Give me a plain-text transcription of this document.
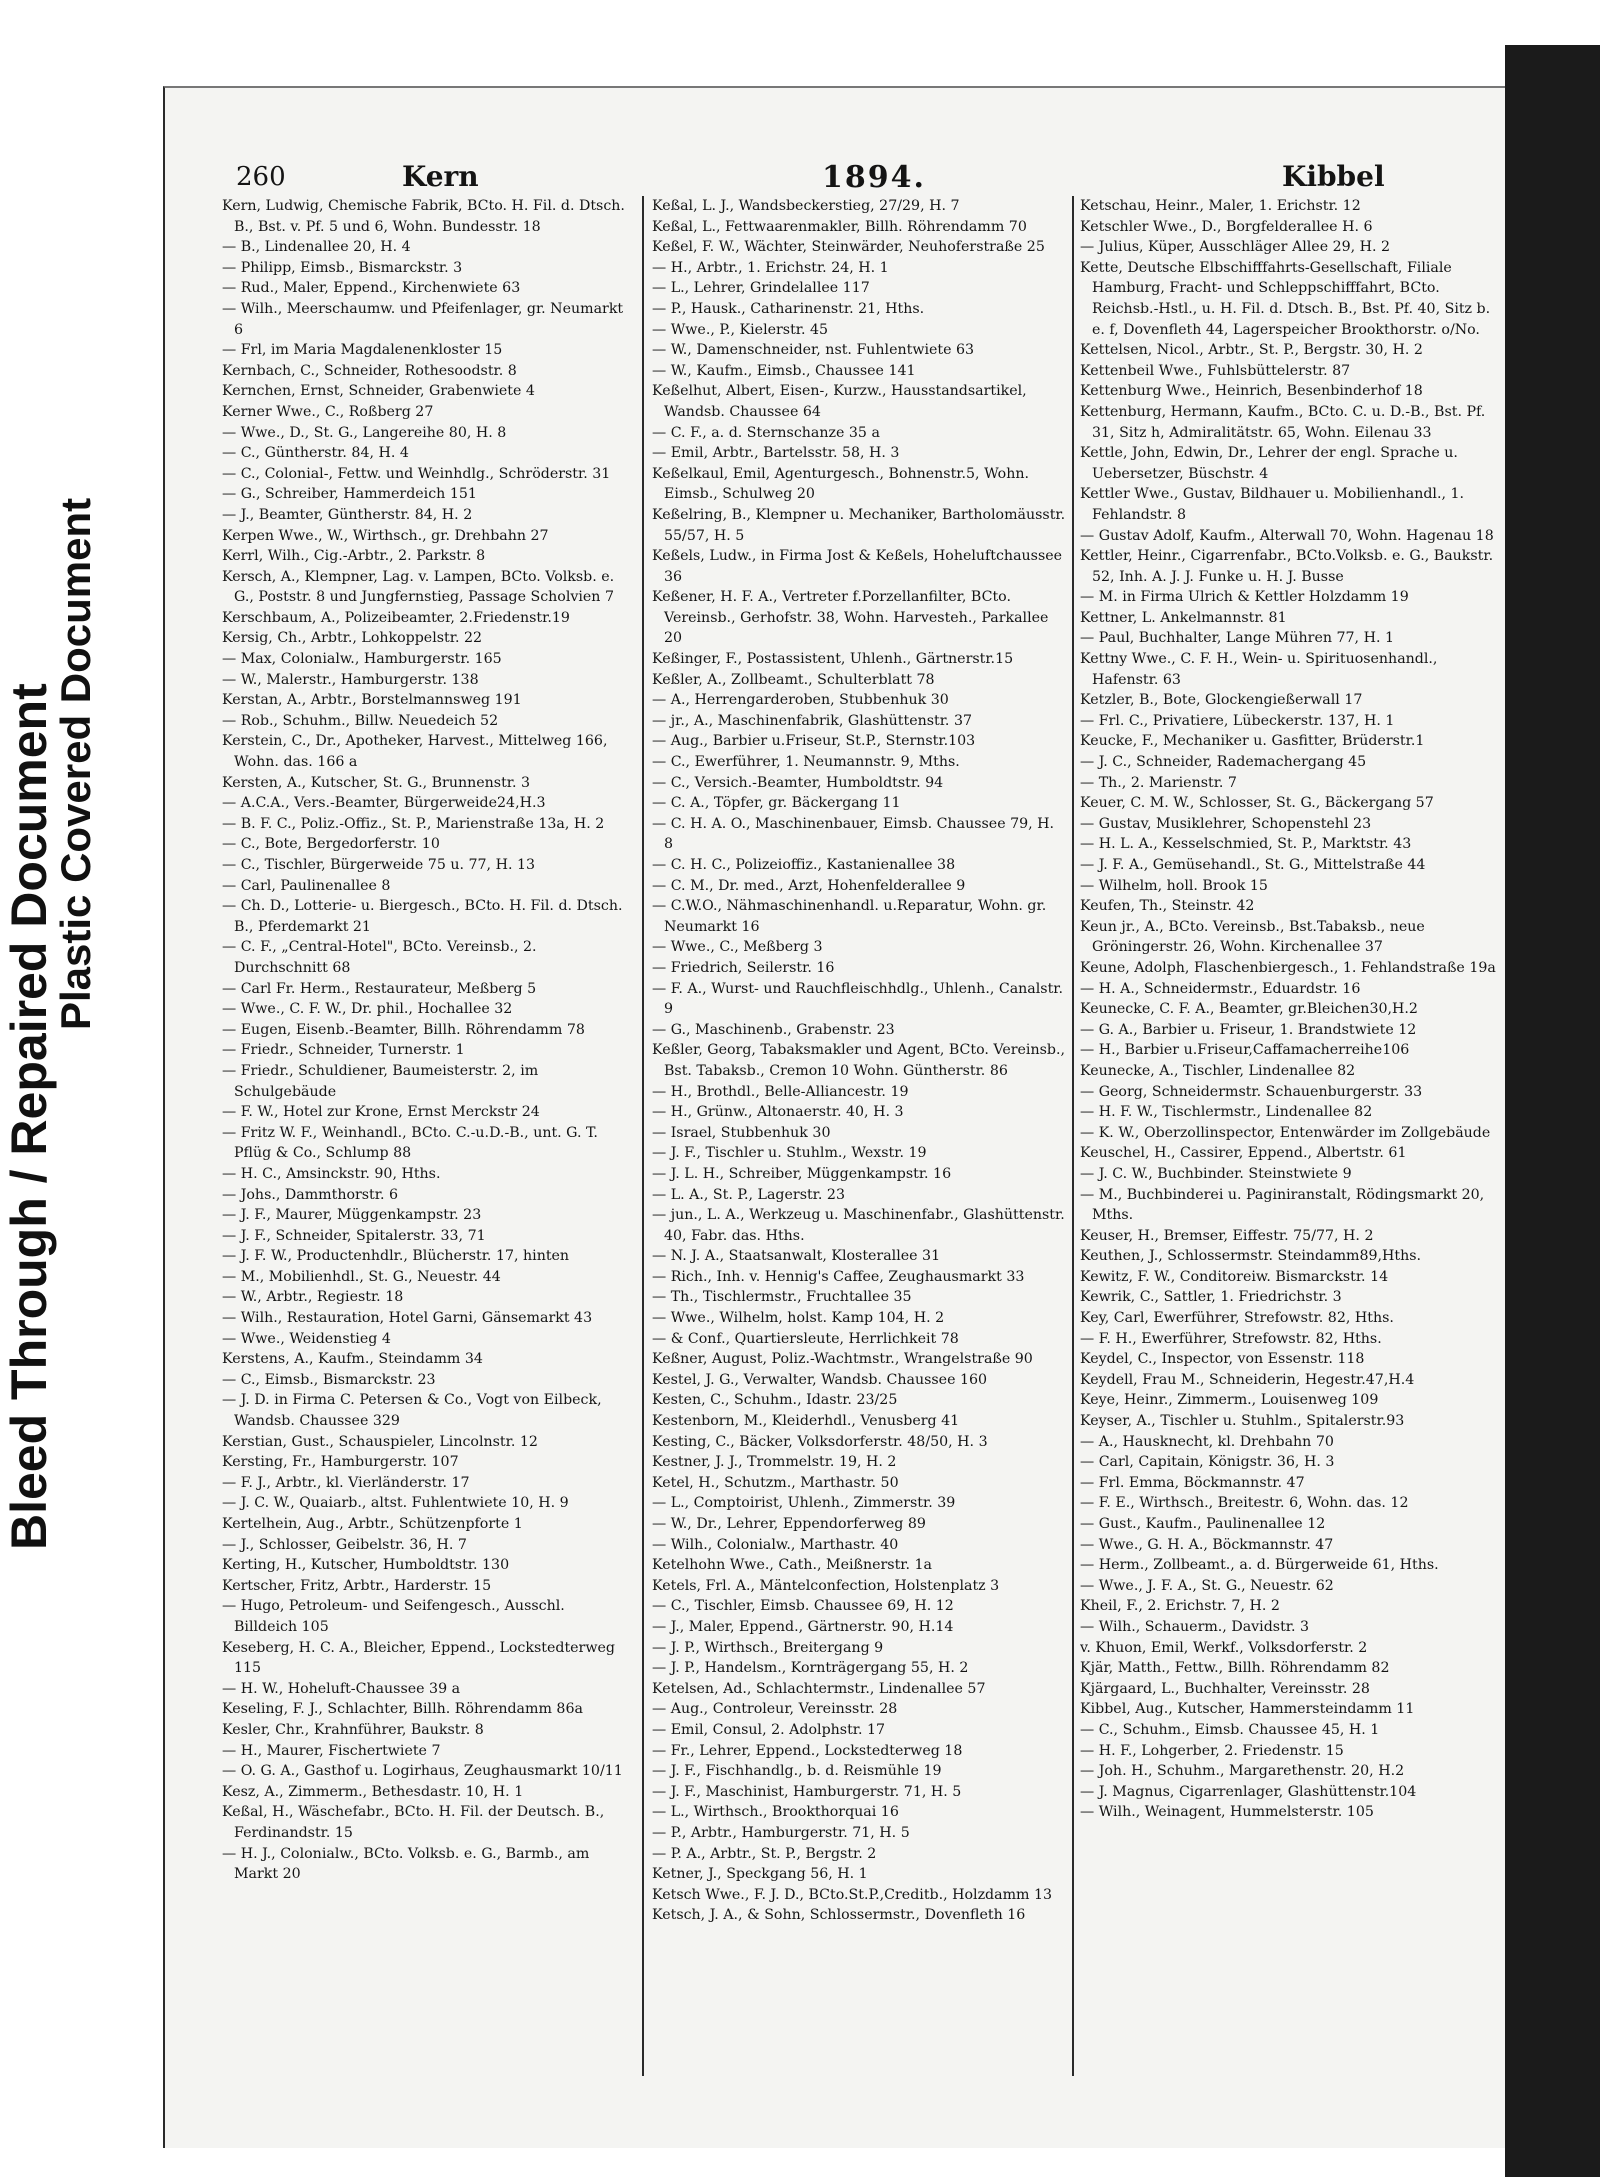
Bleed Through / Repaired Document
Plastic Covered Document
260	Kern	1894.	Kibbel

Kern, Ludwig, Chemische Fabrik, BCto. H. Fil. d. Dtsch. B., Bst. v. Pf. 5 und 6, Wohn. Bundesstr. 18

— B., Lindenallee 20, H. 4

— Philipp, Eimsb., Bismarckstr. 3

— Rud., Maler, Eppend., Kirchenwiete 63

— Wilh., Meerschaumw. und Pfeifenlager, gr. Neumarkt 6

— Frl, im Maria Magdalenenkloster 15

Kernbach, C., Schneider, Rothesoodstr. 8

Kernchen, Ernst, Schneider, Grabenwiete 4

Kerner Wwe., C., Roßberg 27

— Wwe., D., St. G., Langereihe 80, H. 8

— C., Güntherstr. 84, H. 4

— C., Colonial-, Fettw. und Weinhdlg., Schröderstr. 31

— G., Schreiber, Hammerdeich 151

— J., Beamter, Güntherstr. 84, H. 2

Kerpen Wwe., W., Wirthsch., gr. Drehbahn 27

Kerrl, Wilh., Cig.-Arbtr., 2. Parkstr. 8

Kersch, A., Klempner, Lag. v. Lampen, BCto. Volksb. e. G., Poststr. 8 und Jungfernstieg, Passage Scholvien 7

Kerschbaum, A., Polizeibeamter, 2.Friedenstr.19

Kersig, Ch., Arbtr., Lohkoppelstr. 22

— Max, Colonialw., Hamburgerstr. 165

— W., Malerstr., Hamburgerstr. 138

Kerstan, A., Arbtr., Borstelmannsweg 191

— Rob., Schuhm., Billw. Neuedeich 52

Kerstein, C., Dr., Apotheker, Harvest., Mittelweg 166, Wohn. das. 166 a

Kersten, A., Kutscher, St. G., Brunnenstr. 3

— A.C.A., Vers.-Beamter, Bürgerweide24,H.3

— B. F. C., Poliz.-Offiz., St. P., Marienstraße 13a, H. 2

— C., Bote, Bergedorferstr. 10

— C., Tischler, Bürgerweide 75 u. 77, H. 13

— Carl, Paulinenallee 8

— Ch. D., Lotterie- u. Biergesch., BCto. H. Fil. d. Dtsch. B., Pferdemarkt 21

— C. F., „Central-Hotel", BCto. Vereinsb., 2. Durchschnitt 68

— Carl Fr. Herm., Restaurateur, Meßberg 5

— Wwe., C. F. W., Dr. phil., Hochallee 32

— Eugen, Eisenb.-Beamter, Billh. Röhrendamm 78

— Friedr., Schneider, Turnerstr. 1

— Friedr., Schuldiener, Baumeisterstr. 2, im Schulgebäude

— F. W., Hotel zur Krone, Ernst Merckstr 24

— Fritz W. F., Weinhandl., BCto. C.-u.D.-B., unt. G. T. Pflüg & Co., Schlump 88

— H. C., Amsinckstr. 90, Hths.

— Johs., Dammthorstr. 6

— J. F., Maurer, Müggenkampstr. 23

— J. F., Schneider, Spitalerstr. 33, 71

— J. F. W., Productenhdlr., Blücherstr. 17, hinten

— M., Mobilienhdl., St. G., Neuestr. 44

— W., Arbtr., Regiestr. 18

— Wilh., Restauration, Hotel Garni, Gänsemarkt 43

— Wwe., Weidenstieg 4

Kerstens, A., Kaufm., Steindamm 34

— C., Eimsb., Bismarckstr. 23

— J. D. in Firma C. Petersen & Co., Vogt von Eilbeck, Wandsb. Chaussee 329

Kerstian, Gust., Schauspieler, Lincolnstr. 12

Kersting, Fr., Hamburgerstr. 107

— F. J., Arbtr., kl. Vierländerstr. 17

— J. C. W., Quaiarb., altst. Fuhlentwiete 10, H. 9

Kertelhein, Aug., Arbtr., Schützenpforte 1

— J., Schlosser, Geibelstr. 36, H. 7

Kerting, H., Kutscher, Humboldtstr. 130

Kertscher, Fritz, Arbtr., Harderstr. 15

— Hugo, Petroleum- und Seifengesch., Ausschl. Billdeich 105

Keseberg, H. C. A., Bleicher, Eppend., Lockstedterweg 115

— H. W., Hoheluft-Chaussee 39 a

Keseling, F. J., Schlachter, Billh. Röhrendamm 86a

Kesler, Chr., Krahnführer, Baukstr. 8

— H., Maurer, Fischertwiete 7

— O. G. A., Gasthof u. Logirhaus, Zeughausmarkt 10/11

Kesz, A., Zimmerm., Bethesdastr. 10, H. 1

Keßal, H., Wäschefabr., BCto. H. Fil. der Deutsch. B., Ferdinandstr. 15

— H. J., Colonialw., BCto. Volksb. e. G., Barmb., am Markt 20

Keßal, L. J., Wandsbeckerstieg, 27/29, H. 7

Keßal, L., Fettwaarenmakler, Billh. Röhrendamm 70

Keßel, F. W., Wächter, Steinwärder, Neuhoferstraße 25

— H., Arbtr., 1. Erichstr. 24, H. 1

— L., Lehrer, Grindelallee 117

— P., Hausk., Catharinenstr. 21, Hths.

— Wwe., P., Kielerstr. 45

— W., Damenschneider, nst. Fuhlentwiete 63

— W., Kaufm., Eimsb., Chaussee 141

Keßelhut, Albert, Eisen-, Kurzw., Hausstandsartikel, Wandsb. Chaussee 64

— C. F., a. d. Sternschanze 35 a

— Emil, Arbtr., Bartelsstr. 58, H. 3

Keßelkaul, Emil, Agenturgesch., Bohnenstr.5, Wohn. Eimsb., Schulweg 20

Keßelring, B., Klempner u. Mechaniker, Bartholomäusstr. 55/57, H. 5

Keßels, Ludw., in Firma Jost & Keßels, Hoheluftchaussee 36

Keßener, H. F. A., Vertreter f.Porzellanfilter, BCto. Vereinsb., Gerhofstr. 38, Wohn. Harvesteh., Parkallee 20

Keßinger, F., Postassistent, Uhlenh., Gärtnerstr.15

Keßler, A., Zollbeamt., Schulterblatt 78

— A., Herrengarderoben, Stubbenhuk 30

— jr., A., Maschinenfabrik, Glashüttenstr. 37

— Aug., Barbier u.Friseur, St.P., Sternstr.103

— C., Ewerführer, 1. Neumannstr. 9, Mths.

— C., Versich.-Beamter, Humboldtstr. 94

— C. A., Töpfer, gr. Bäckergang 11

— C. H. A. O., Maschinenbauer, Eimsb. Chaussee 79, H. 8

— C. H. C., Polizeioffiz., Kastanienallee 38

— C. M., Dr. med., Arzt, Hohenfelderallee 9

— C.W.O., Nähmaschinenhandl. u.Reparatur, Wohn. gr. Neumarkt 16

— Wwe., C., Meßberg 3

— Friedrich, Seilerstr. 16

— F. A., Wurst- und Rauchfleischhdlg., Uhlenh., Canalstr. 9

— G., Maschinenb., Grabenstr. 23

Keßler, Georg, Tabaksmakler und Agent, BCto. Vereinsb., Bst. Tabaksb., Cremon 10 Wohn. Güntherstr. 86

— H., Brothdl., Belle-Alliancestr. 19

— H., Grünw., Altonaerstr. 40, H. 3

— Israel, Stubbenhuk 30

— J. F., Tischler u. Stuhlm., Wexstr. 19

— J. L. H., Schreiber, Müggenkampstr. 16

— L. A., St. P., Lagerstr. 23

— jun., L. A., Werkzeug u. Maschinenfabr., Glashüttenstr. 40, Fabr. das. Hths.

— N. J. A., Staatsanwalt, Klosterallee 31

— Rich., Inh. v. Hennig's Caffee, Zeughausmarkt 33

— Th., Tischlermstr., Fruchtallee 35

— Wwe., Wilhelm, holst. Kamp 104, H. 2

— & Conf., Quartiersleute, Herrlichkeit 78

Keßner, August, Poliz.-Wachtmstr., Wrangelstraße 90

Kestel, J. G., Verwalter, Wandsb. Chaussee 160

Kesten, C., Schuhm., Idastr. 23/25

Kestenborn, M., Kleiderhdl., Venusberg 41

Kesting, C., Bäcker, Volksdorferstr. 48/50, H. 3

Kestner, J. J., Trommelstr. 19, H. 2

Ketel, H., Schutzm., Marthastr. 50

— L., Comptoirist, Uhlenh., Zimmerstr. 39

— W., Dr., Lehrer, Eppendorferweg 89

— Wilh., Colonialw., Marthastr. 40

Ketelhohn Wwe., Cath., Meißnerstr. 1a

Ketels, Frl. A., Mäntelconfection, Holstenplatz 3

— C., Tischler, Eimsb. Chaussee 69, H. 12

— J., Maler, Eppend., Gärtnerstr. 90, H.14

— J. P., Wirthsch., Breitergang 9

— J. P., Handelsm., Kornträgergang 55, H. 2

Ketelsen, Ad., Schlachtermstr., Lindenallee 57

— Aug., Controleur, Vereinsstr. 28

— Emil, Consul, 2. Adolphstr. 17

— Fr., Lehrer, Eppend., Lockstedterweg 18

— J. F., Fischhandlg., b. d. Reismühle 19

— J. F., Maschinist, Hamburgerstr. 71, H. 5

— L., Wirthsch., Brookthorquai 16

— P., Arbtr., Hamburgerstr. 71, H. 5

— P. A., Arbtr., St. P., Bergstr. 2

Ketner, J., Speckgang 56, H. 1

Ketsch Wwe., F. J. D., BCto.St.P.,Creditb., Holzdamm 13

Ketsch, J. A., & Sohn, Schlossermstr., Dovenfleth 16

Ketschau, Heinr., Maler, 1. Erichstr. 12

Ketschler Wwe., D., Borgfelderallee H. 6

— Julius, Küper, Ausschläger Allee 29, H. 2

Kette, Deutsche Elbschifffahrts-Gesellschaft, Filiale Hamburg, Fracht- und Schleppschifffahrt, BCto. Reichsb.-Hstl., u. H. Fil. d. Dtsch. B., Bst. Pf. 40, Sitz b. e. f, Dovenfleth 44, Lagerspeicher Brookthorstr. o/No.

Kettelsen, Nicol., Arbtr., St. P., Bergstr. 30, H. 2

Kettenbeil Wwe., Fuhlsbüttelerstr. 87

Kettenburg Wwe., Heinrich, Besenbinderhof 18

Kettenburg, Hermann, Kaufm., BCto. C. u. D.-B., Bst. Pf. 31, Sitz h, Admiralitätstr. 65, Wohn. Eilenau 33

Kettle, John, Edwin, Dr., Lehrer der engl. Sprache u. Uebersetzer, Büschstr. 4

Kettler Wwe., Gustav, Bildhauer u. Mobilienhandl., 1. Fehlandstr. 8

— Gustav Adolf, Kaufm., Alterwall 70, Wohn. Hagenau 18

Kettler, Heinr., Cigarrenfabr., BCto.Volksb. e. G., Baukstr. 52, Inh. A. J. J. Funke u. H. J. Busse

— M. in Firma Ulrich & Kettler Holzdamm 19

Kettner, L. Ankelmannstr. 81

— Paul, Buchhalter, Lange Mühren 77, H. 1

Kettny Wwe., C. F. H., Wein- u. Spirituosenhandl., Hafenstr. 63

Ketzler, B., Bote, Glockengießerwall 17

— Frl. C., Privatiere, Lübeckerstr. 137, H. 1

Keucke, F., Mechaniker u. Gasfitter, Brüderstr.1

— J. C., Schneider, Rademachergang 45

— Th., 2. Marienstr. 7

Keuer, C. M. W., Schlosser, St. G., Bäckergang 57

— Gustav, Musiklehrer, Schopenstehl 23

— H. L. A., Kesselschmied, St. P., Marktstr. 43

— J. F. A., Gemüsehandl., St. G., Mittelstraße 44

— Wilhelm, holl. Brook 15

Keufen, Th., Steinstr. 42

Keun jr., A., BCto. Vereinsb., Bst.Tabaksb., neue Gröningerstr. 26, Wohn. Kirchenallee 37

Keune, Adolph, Flaschenbiergesch., 1. Fehlandstraße 19a

— H. A., Schneidermstr., Eduardstr. 16

Keunecke, C. F. A., Beamter, gr.Bleichen30,H.2

— G. A., Barbier u. Friseur, 1. Brandstwiete 12

— H., Barbier u.Friseur,Caffamacherreihe106

Keunecke, A., Tischler, Lindenallee 82

— Georg, Schneidermstr. Schauenburgerstr. 33

— H. F. W., Tischlermstr., Lindenallee 82

— K. W., Oberzollinspector, Entenwärder im Zollgebäude

Keuschel, H., Cassirer, Eppend., Albertstr. 61

— J. C. W., Buchbinder. Steinstwiete 9

— M., Buchbinderei u. Paginiranstalt, Rödingsmarkt 20, Mths.

Keuser, H., Bremser, Eiffestr. 75/77, H. 2

Keuthen, J., Schlossermstr. Steindamm89,Hths.

Kewitz, F. W., Conditoreiw. Bismarckstr. 14

Kewrik, C., Sattler, 1. Friedrichstr. 3

Key, Carl, Ewerführer, Strefowstr. 82, Hths.

— F. H., Ewerführer, Strefowstr. 82, Hths.

Keydel, C., Inspector, von Essenstr. 118

Keydell, Frau M., Schneiderin, Hegestr.47,H.4

Keye, Heinr., Zimmerm., Louisenweg 109

Keyser, A., Tischler u. Stuhlm., Spitalerstr.93

— A., Hausknecht, kl. Drehbahn 70

— Carl, Capitain, Königstr. 36, H. 3

— Frl. Emma, Böckmannstr. 47

— F. E., Wirthsch., Breitestr. 6, Wohn. das. 12

— Gust., Kaufm., Paulinenallee 12

— Wwe., G. H. A., Böckmannstr. 47

— Herm., Zollbeamt., a. d. Bürgerweide 61, Hths.

— Wwe., J. F. A., St. G., Neuestr. 62

Kheil, F., 2. Erichstr. 7, H. 2

— Wilh., Schauerm., Davidstr. 3

v. Khuon, Emil, Werkf., Volksdorferstr. 2

Kjär, Matth., Fettw., Billh. Röhrendamm 82

Kjärgaard, L., Buchhalter, Vereinsstr. 28

Kibbel, Aug., Kutscher, Hammersteindamm 11

— C., Schuhm., Eimsb. Chaussee 45, H. 1

— H. F., Lohgerber, 2. Friedenstr. 15

— Joh. H., Schuhm., Margarethenstr. 20, H.2

— J. Magnus, Cigarrenlager, Glashüttenstr.104

— Wilh., Weinagent, Hummelsterstr. 105
